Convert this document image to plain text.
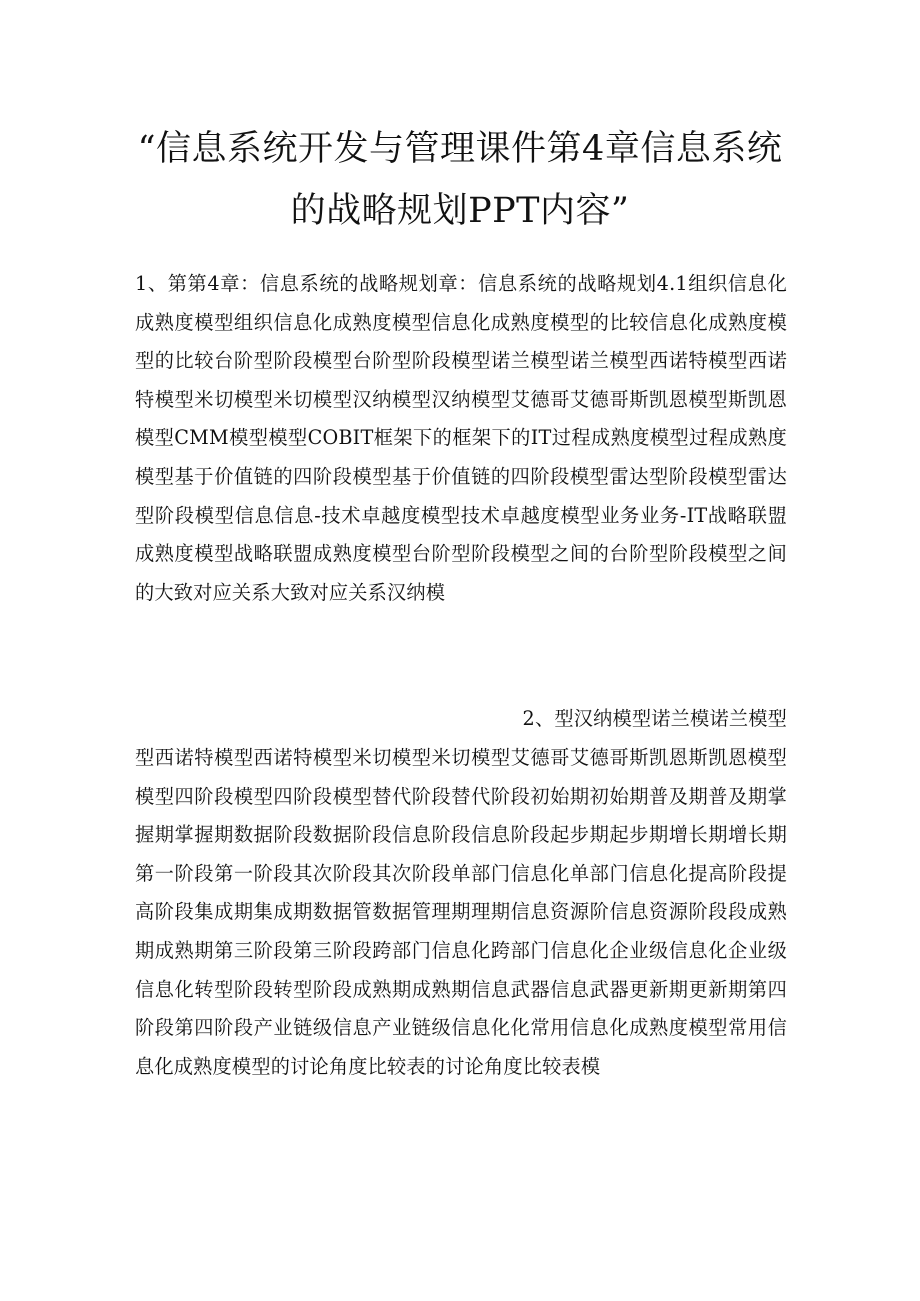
“信息系统开发与管理课件第4章信息系统的战略规划PPT内容”

1、第第4章：信息系统的战略规划章：信息系统的战略规划4.1组织信息化成熟度模型组织信息化成熟度模型信息化成熟度模型的比较信息化成熟度模型的比较台阶型阶段模型台阶型阶段模型诺兰模型诺兰模型西诺特模型西诺特模型米切模型米切模型汉纳模型汉纳模型艾德哥艾德哥斯凯恩模型斯凯恩模型CMM模型模型COBIT框架下的框架下的IT过程成熟度模型过程成熟度模型基于价值链的四阶段模型基于价值链的四阶段模型雷达型阶段模型雷达型阶段模型信息信息-技术卓越度模型技术卓越度模型业务业务-IT战略联盟成熟度模型战略联盟成熟度模型台阶型阶段模型之间的台阶型阶段模型之间的大致对应关系大致对应关系汉纳模

2、型汉纳模型诺兰模诺兰模型

型西诺特模型西诺特模型米切模型米切模型艾德哥艾德哥斯凯恩斯凯恩模型模型四阶段模型四阶段模型替代阶段替代阶段初始期初始期普及期普及期掌握期掌握期数据阶段数据阶段信息阶段信息阶段起步期起步期增长期增长期第一阶段第一阶段其次阶段其次阶段单部门信息化单部门信息化提高阶段提高阶段集成期集成期数据管数据管理期理期信息资源阶信息资源阶段段成熟期成熟期第三阶段第三阶段跨部门信息化跨部门信息化企业级信息化企业级信息化转型阶段转型阶段成熟期成熟期信息武器信息武器更新期更新期第四阶段第四阶段产业链级信息产业链级信息化化常用信息化成熟度模型常用信息化成熟度模型的讨论角度比较表的讨论角度比较表模
